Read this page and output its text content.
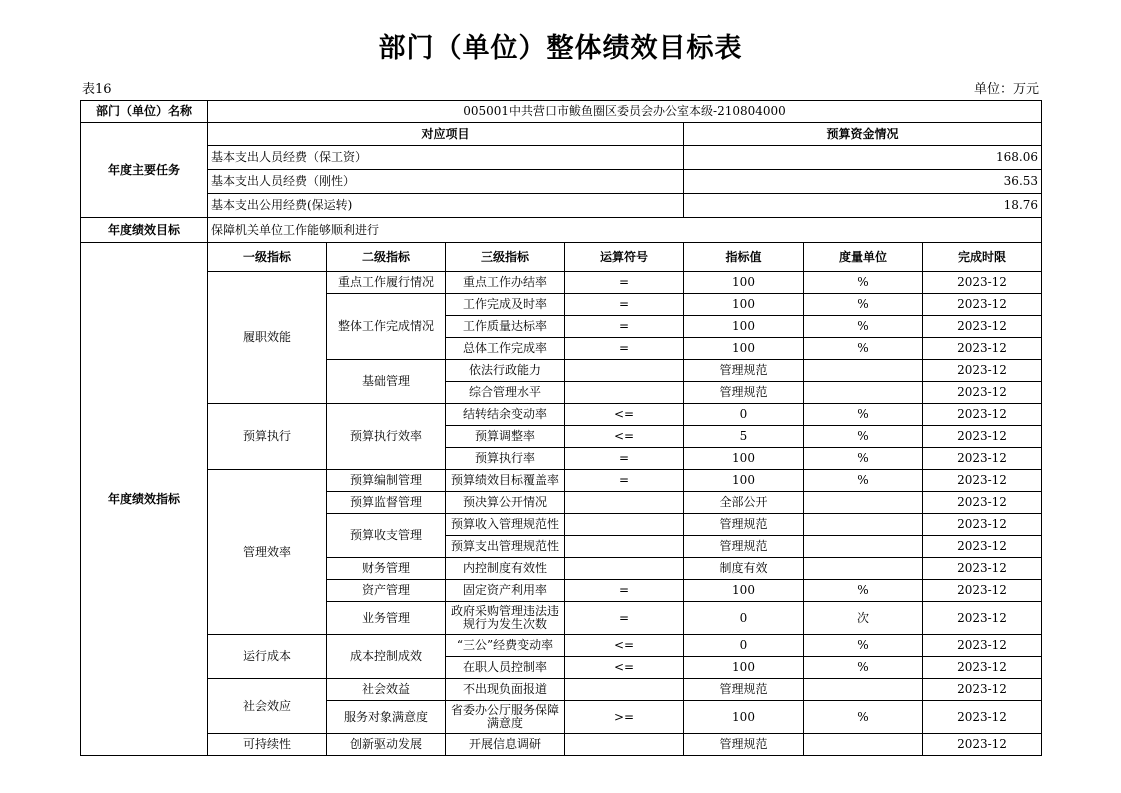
部门（单位）整体绩效目标表
表16	单位：万元
部门（单位）名称	005001中共营口市鲅鱼圈区委员会办公室本级-210804000						
年度主要任务	对应项目				预算资金情况		
	基本支出人员经费（保工资）				168.06		
	基本支出人员经费（刚性）				36.53		
	基本支出公用经费(保运转)				18.76		
年度绩效目标	保障机关单位工作能够顺利进行						
年度绩效指标	一级指标	二级指标	三级指标	运算符号	指标值	度量单位	完成时限
	履职效能	重点工作履行情况	重点工作办结率	=	100	%	2023-12
		整体工作完成情况	工作完成及时率	=	100	%	2023-12
			工作质量达标率	=	100	%	2023-12
			总体工作完成率	=	100	%	2023-12
		基础管理	依法行政能力		管理规范		2023-12
			综合管理水平		管理规范		2023-12
	预算执行	预算执行效率	结转结余变动率	<=	0	%	2023-12
			预算调整率	<=	5	%	2023-12
			预算执行率	=	100	%	2023-12
	管理效率	预算编制管理	预算绩效目标覆盖率	=	100	%	2023-12
		预算监督管理	预决算公开情况		全部公开		2023-12
		预算收支管理	预算收入管理规范性		管理规范		2023-12
			预算支出管理规范性		管理规范		2023-12
		财务管理	内控制度有效性		制度有效		2023-12
		资产管理	固定资产利用率	=	100	%	2023-12
		业务管理	政府采购管理违法违规行为发生次数	=	0	次	2023-12
	运行成本	成本控制成效	“三公”经费变动率	<=	0	%	2023-12
			在职人员控制率	<=	100	%	2023-12
	社会效应	社会效益	不出现负面报道		管理规范		2023-12
		服务对象满意度	省委办公厅服务保障满意度	>=	100	%	2023-12
	可持续性	创新驱动发展	开展信息调研		管理规范		2023-12
